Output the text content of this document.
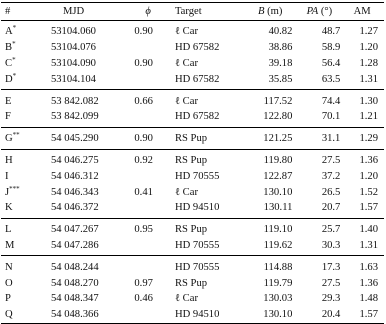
#	MJD	ϕ	Target	B (m)	PA (°)	AM
A*	53104.060	0.90	ℓ Car	40.82	48.7	1.27
B*	53104.076		HD 67582	38.86	58.9	1.20
C*	53104.090	0.90	ℓ Car	39.18	56.4	1.28
D*	53104.104		HD 67582	35.85	63.5	1.31
E	53 842.082	0.66	ℓ Car	117.52	74.4	1.30
F	53 842.099		HD 67582	122.80	70.1	1.21
G**	54 045.290	0.90	RS Pup	121.25	31.1	1.29
H	54 046.275	0.92	RS Pup	119.80	27.5	1.36
I	54 046.312		HD 70555	122.87	37.2	1.20
J***	54 046.343	0.41	ℓ Car	130.10	26.5	1.52
K	54 046.372		HD 94510	130.11	20.7	1.57
L	54 047.267	0.95	RS Pup	119.10	25.7	1.40
M	54 047.286		HD 70555	119.62	30.3	1.31
N	54 048.244		HD 70555	114.88	17.3	1.63
O	54 048.270	0.97	RS Pup	119.79	27.5	1.36
P	54 048.347	0.46	ℓ Car	130.03	29.3	1.48
Q	54 048.366		HD 94510	130.10	20.4	1.57
